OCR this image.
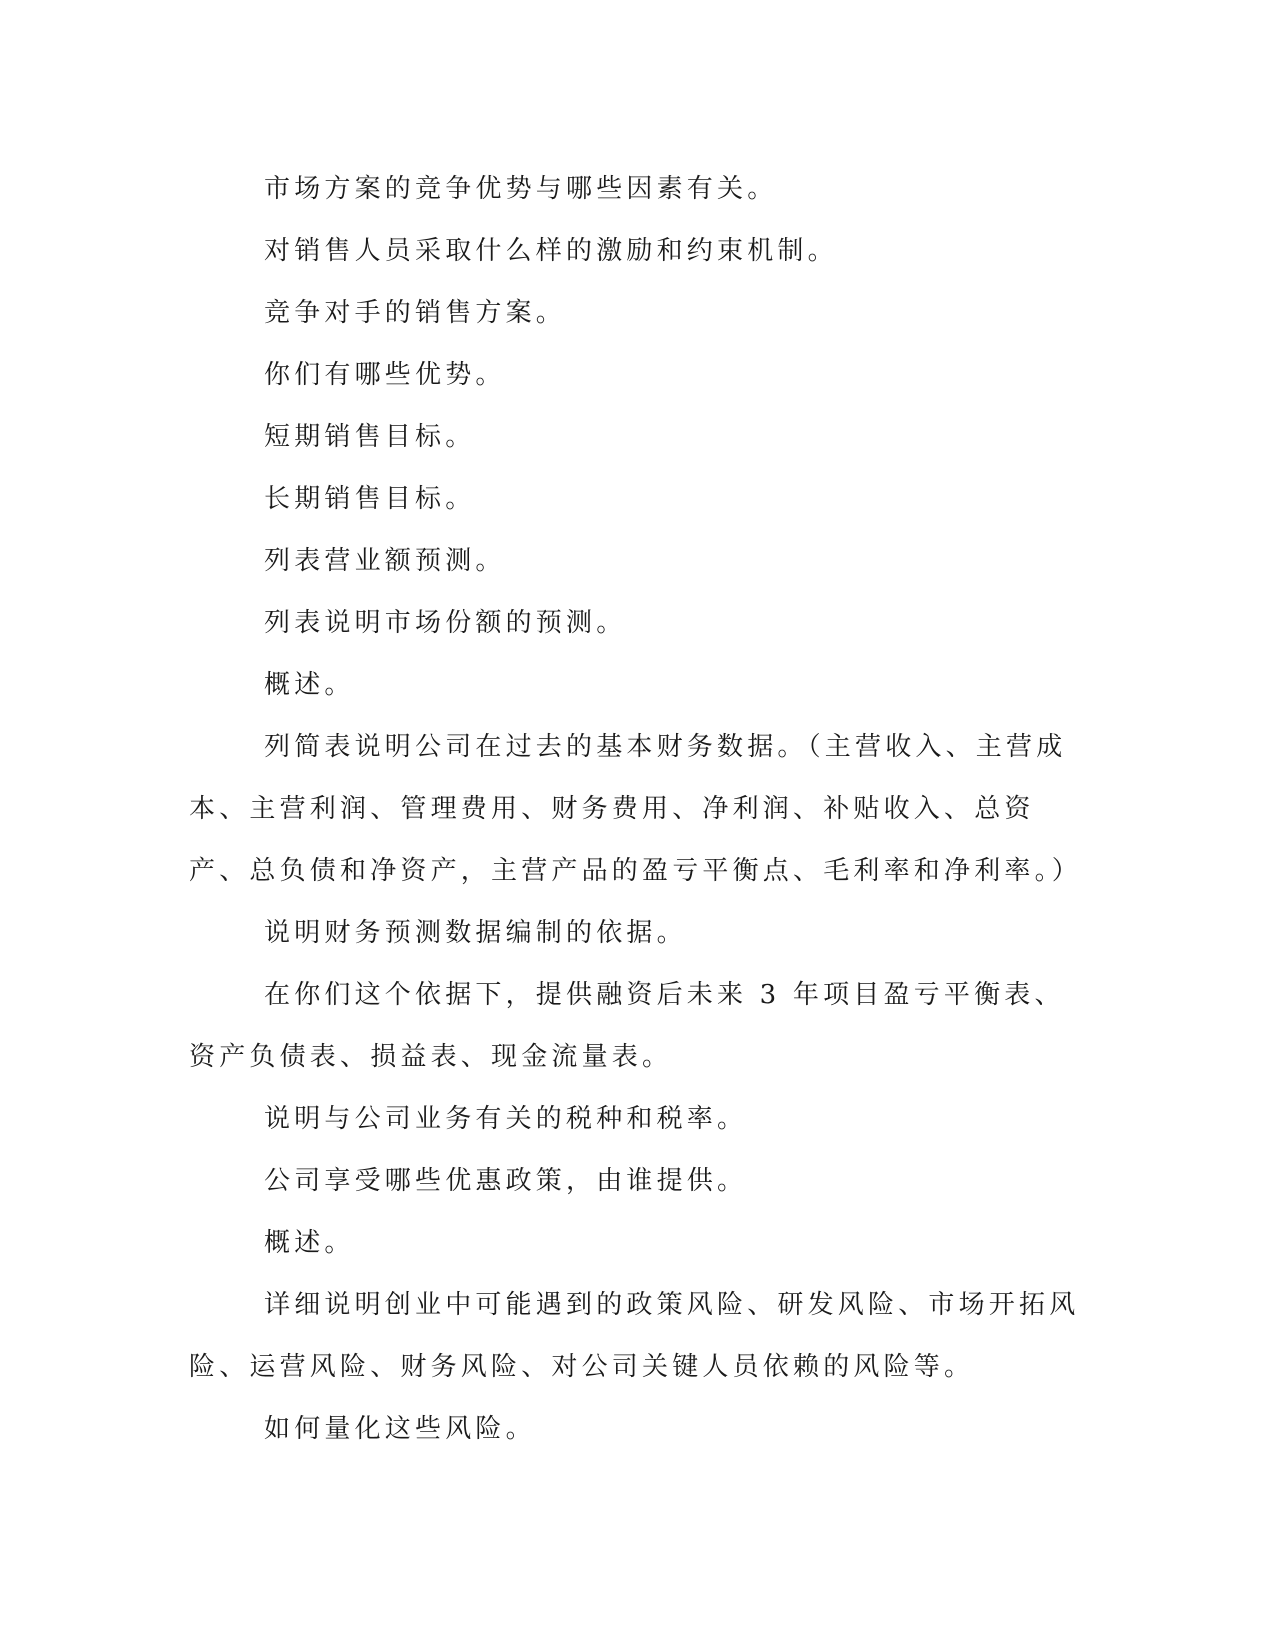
市场方案的竞争优势与哪些因素有关。

对销售人员采取什么样的激励和约束机制。

竞争对手的销售方案。

你们有哪些优势。

短期销售目标。

长期销售目标。

列表营业额预测。

列表说明市场份额的预测。

概述。

列简表说明公司在过去的基本财务数据。（主营收入、主营成本、主营利润、管理费用、财务费用、净利润、补贴收入、总资产、总负债和净资产，主营产品的盈亏平衡点、毛利率和净利率。）

说明财务预测数据编制的依据。

在你们这个依据下，提供融资后未来 3 年项目盈亏平衡表、资产负债表、损益表、现金流量表。

说明与公司业务有关的税种和税率。

公司享受哪些优惠政策，由谁提供。

概述。

详细说明创业中可能遇到的政策风险、研发风险、市场开拓风险、运营风险、财务风险、对公司关键人员依赖的风险等。

如何量化这些风险。
